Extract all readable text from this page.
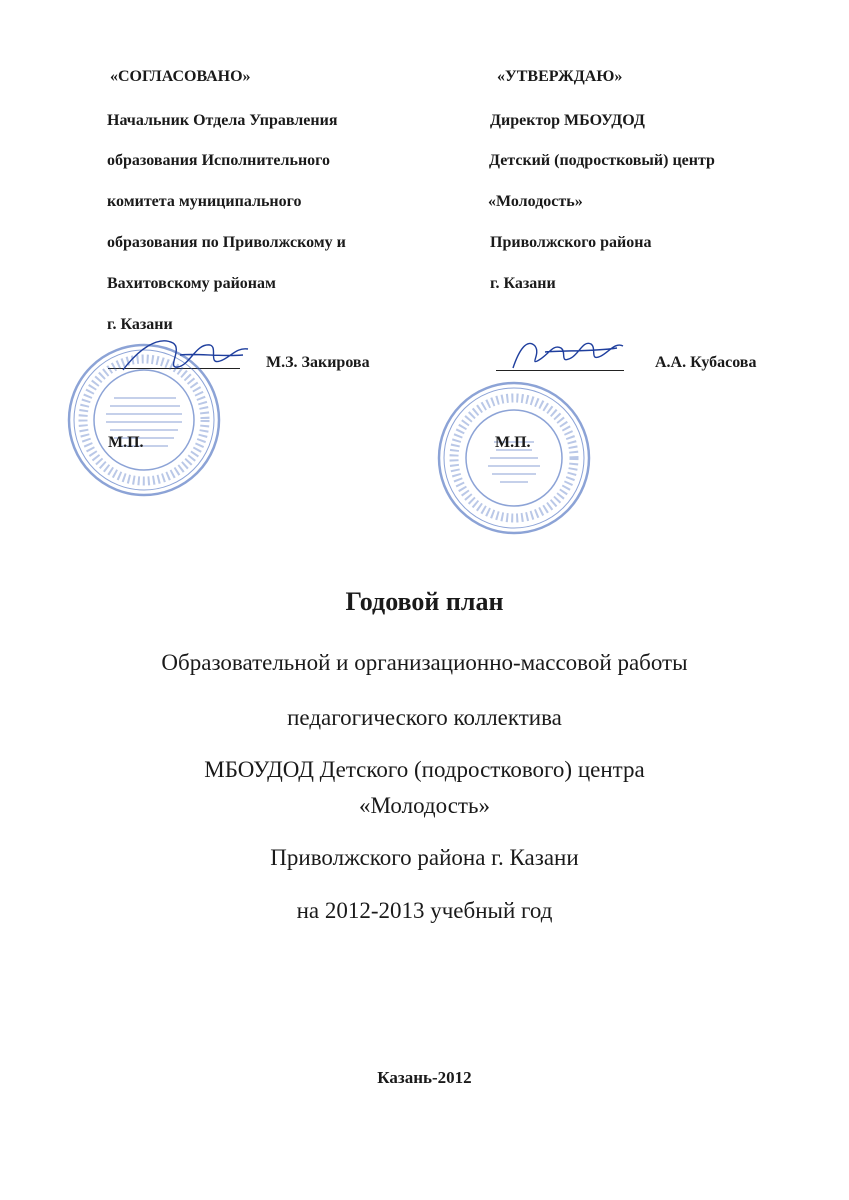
«СОГЛАСОВАНО»
Начальник Отдела Управления
образования Исполнительного
комитета муниципального
образования по Приволжскому и
Вахитовскому районам
г. Казани
М.З. Закирова
М.П.
«УТВЕРЖДАЮ»
Директор МБОУДОД
Детский (подростковый) центр
«Молодость»
Приволжского района
г. Казани
А.А. Кубасова
М.П.
Годовой план
Образовательной и организационно-массовой работы
педагогического коллектива
МБОУДОД Детского (подросткового) центра
«Молодость»
Приволжского района г. Казани
на 2012-2013 учебный год
Казань-2012
